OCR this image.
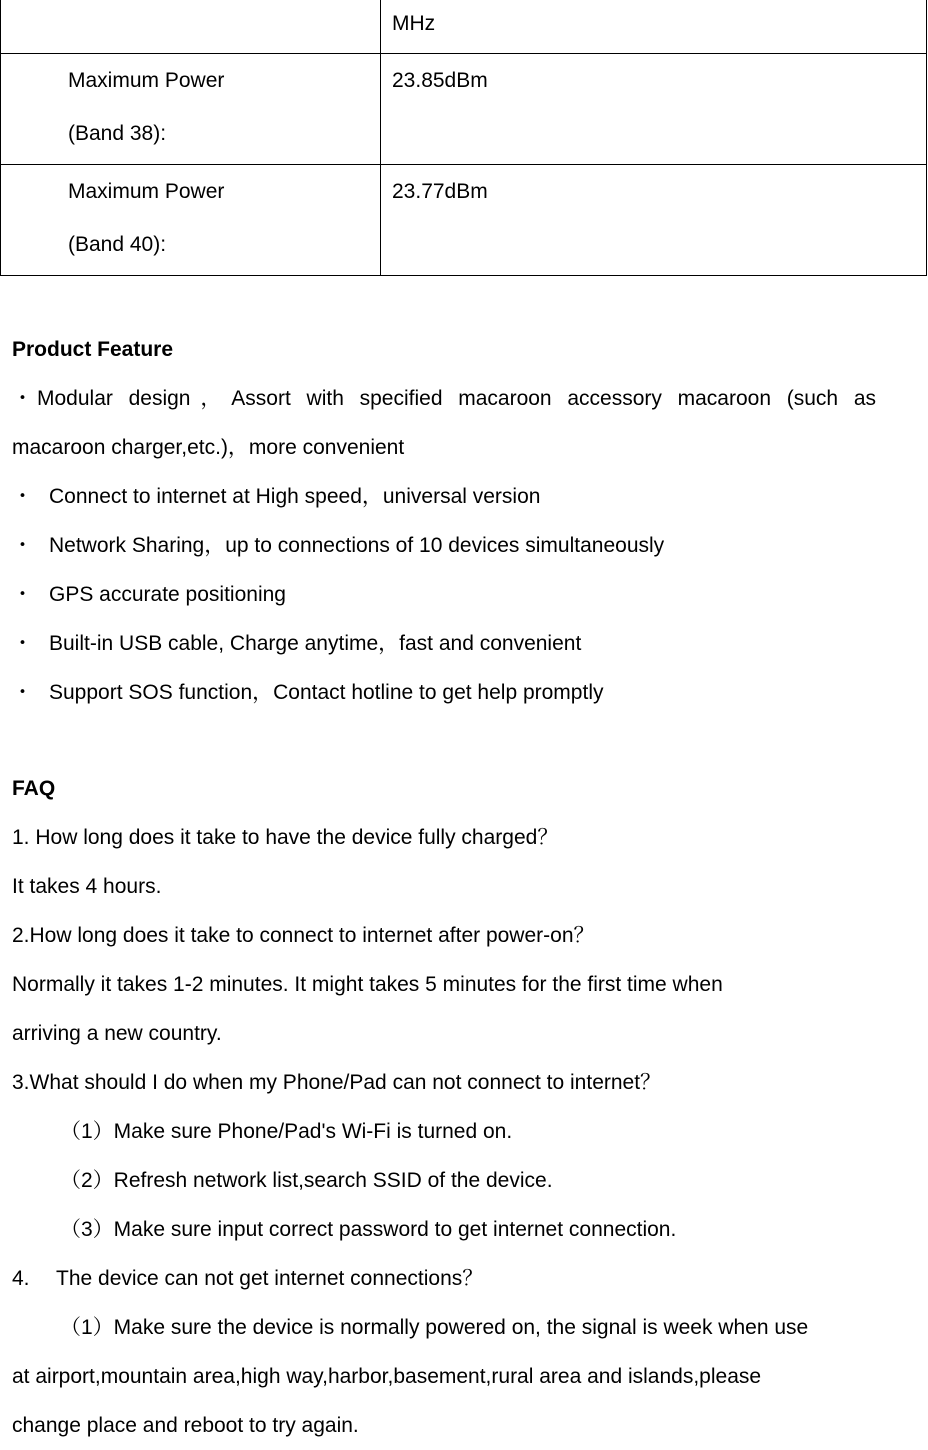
	MHz

Maximum Power
(Band 38):	23.85dBm

Maximum Power
(Band 40):	23.77dBm
Product Feature
・ Modular design，Assort with specified macaroon accessory macaroon (such as
macaroon charger,etc.)，more convenient
・ Connect to internet at High speed，universal version
・ Network Sharing，up to connections of 10 devices simultaneously
・ GPS accurate positioning
・ Built-in USB cable, Charge anytime，fast and convenient
・ Support SOS function，Contact hotline to get help promptly
FAQ

1. How long does it take to have the device fully charged？

It takes 4 hours.

2.How long does it take to connect to internet after power-on？

Normally it takes 1-2 minutes. It might takes 5 minutes for the first time when

arriving a new country.

3.What should I do when my Phone/Pad can not connect to internet？

（1）Make sure Phone/Pad's Wi-Fi is turned on.

（2）Refresh network list,search SSID of the device.

（3）Make sure input correct password to get internet connection.

4. The device can not get internet connections？

（1）Make sure the device is normally powered on, the signal is week when use

at airport,mountain area,high way,harbor,basement,rural area and islands,please

change place and reboot to try again.
